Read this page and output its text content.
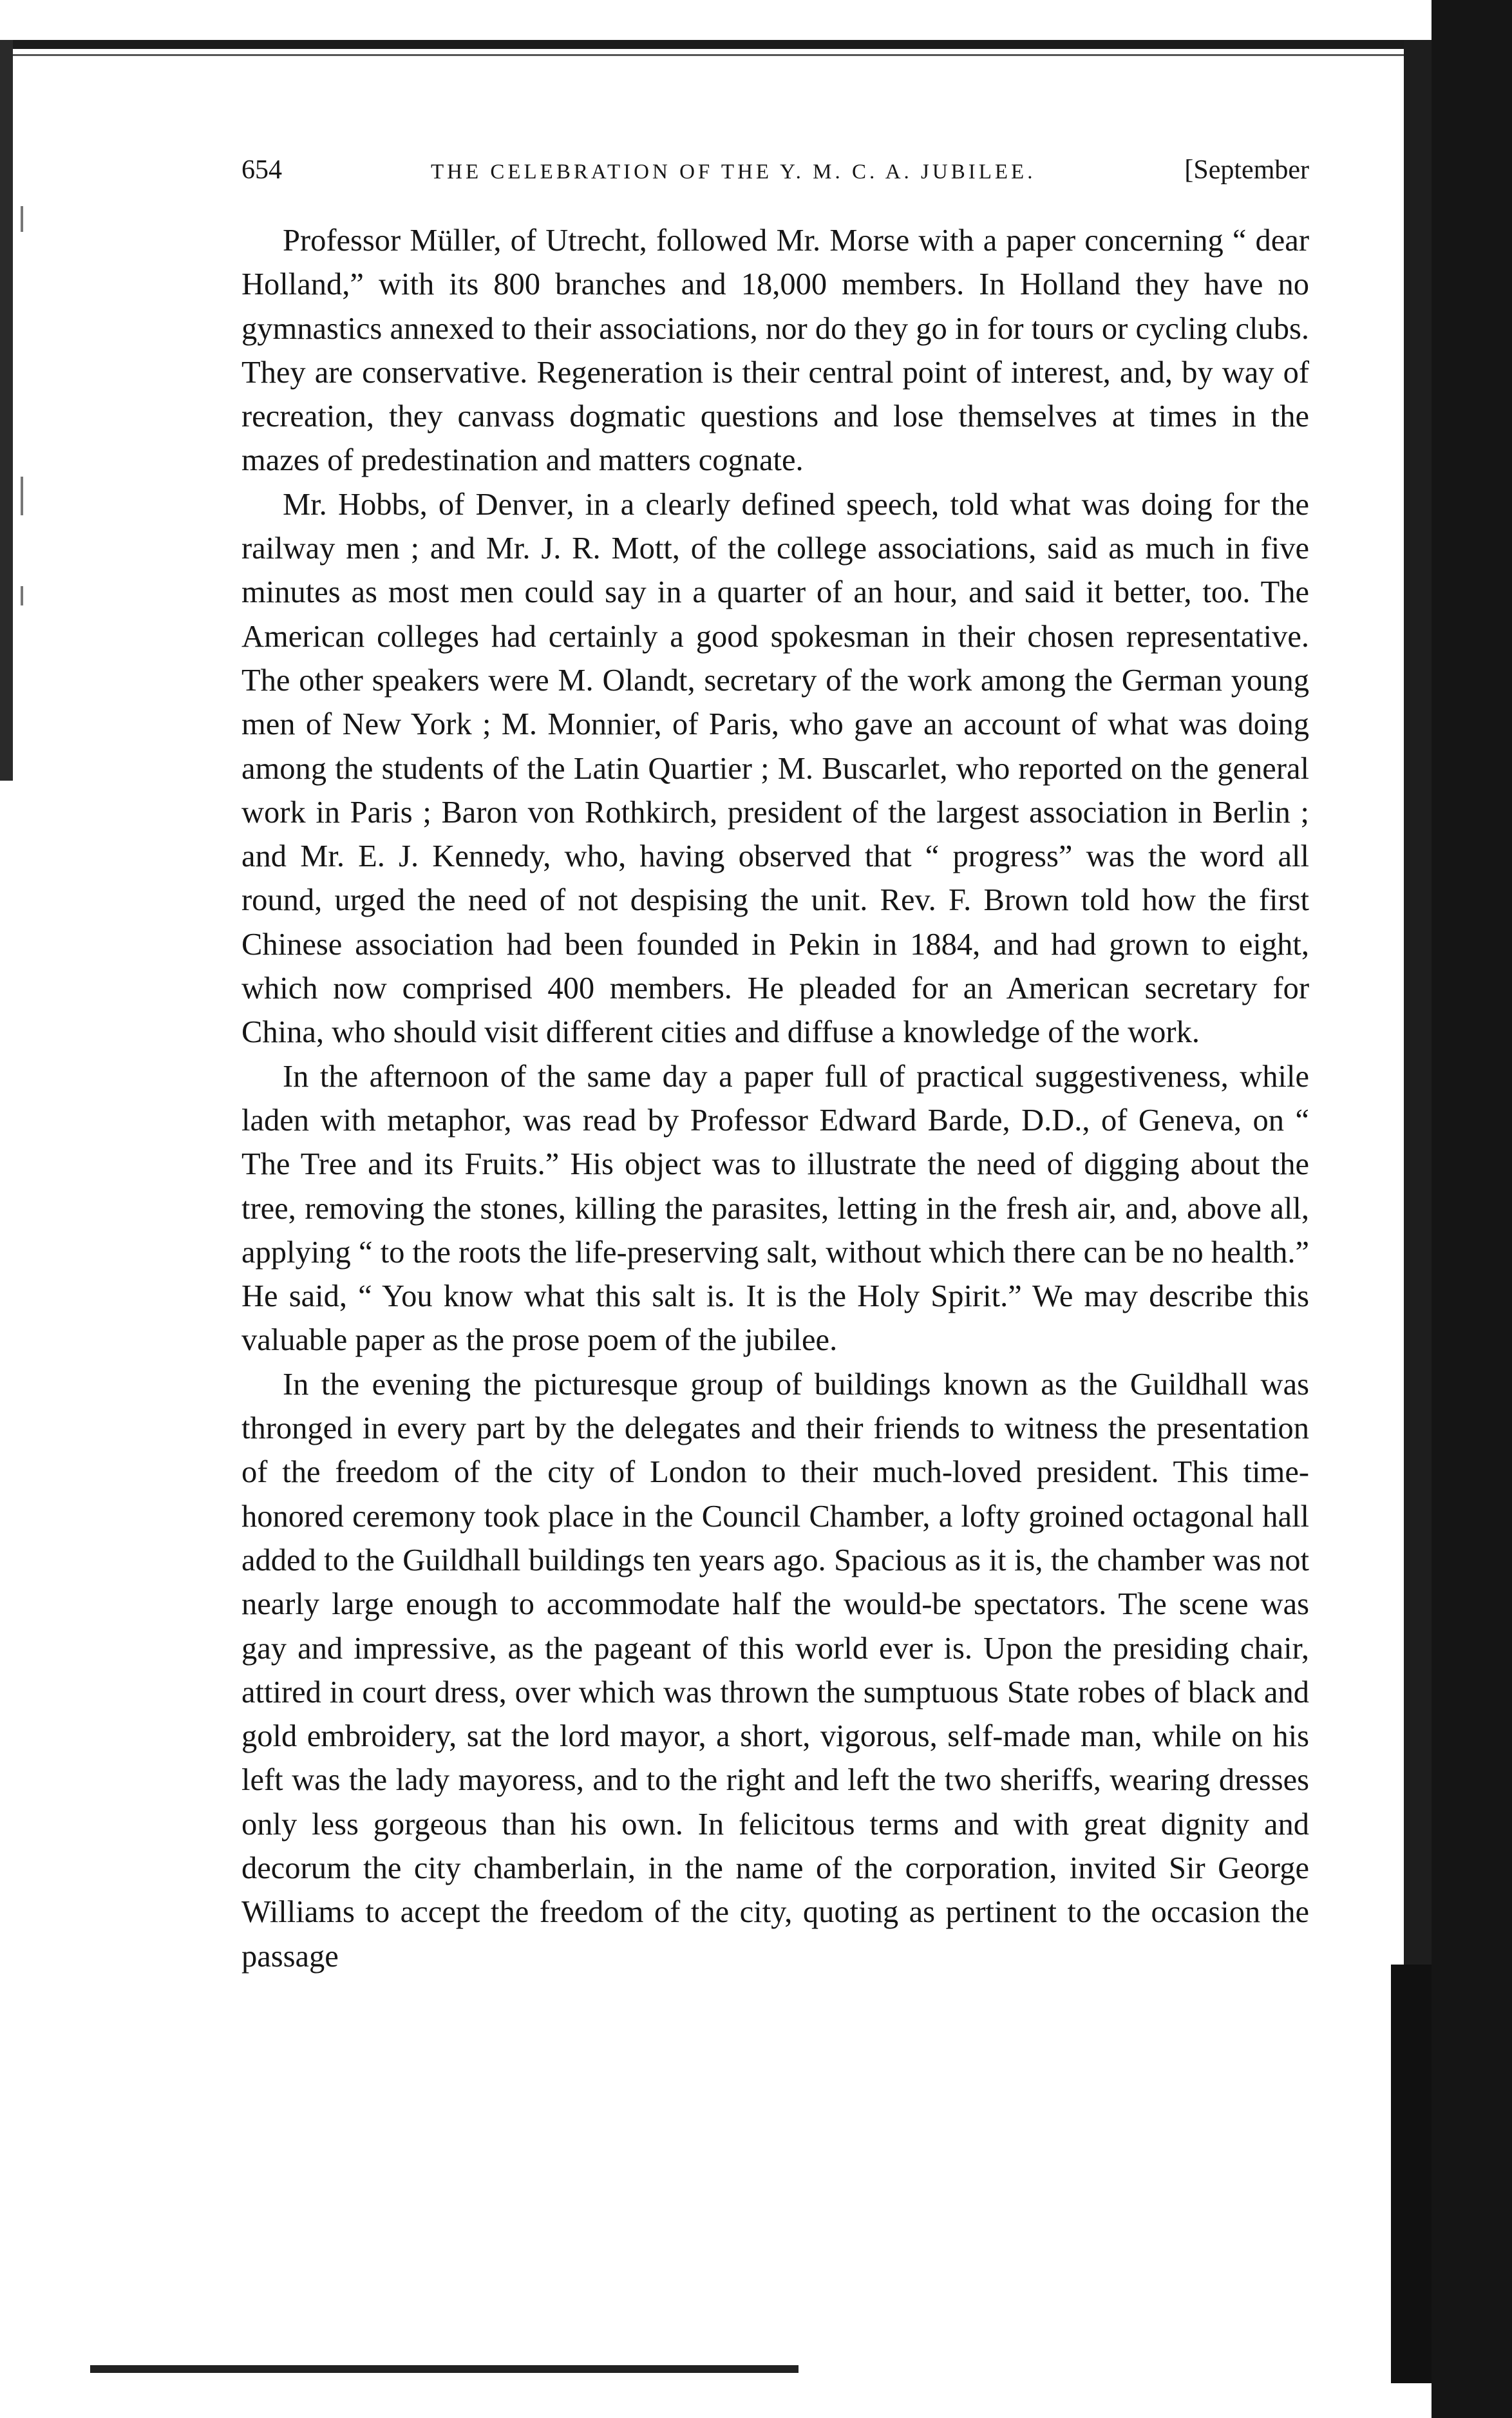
654	THE CELEBRATION OF THE Y. M. C. A. JUBILEE.	[September

Professor Müller, of Utrecht, followed Mr. Morse with a paper concerning “ dear Holland,” with its 800 branches and 18,000 members. In Holland they have no gymnastics annexed to their associations, nor do they go in for tours or cycling clubs. They are conservative. Regeneration is their central point of interest, and, by way of recreation, they canvass dogmatic questions and lose themselves at times in the mazes of predestination and matters cognate.

Mr. Hobbs, of Denver, in a clearly defined speech, told what was doing for the railway men ; and Mr. J. R. Mott, of the college associations, said as much in five minutes as most men could say in a quarter of an hour, and said it better, too. The American colleges had certainly a good spokesman in their chosen representative. The other speakers were M. Olandt, secretary of the work among the German young men of New York ; M. Monnier, of Paris, who gave an account of what was doing among the students of the Latin Quartier ; M. Buscarlet, who reported on the general work in Paris ; Baron von Rothkirch, president of the largest association in Berlin ; and Mr. E. J. Kennedy, who, having observed that “ progress” was the word all round, urged the need of not despising the unit. Rev. F. Brown told how the first Chinese association had been founded in Pekin in 1884, and had grown to eight, which now comprised 400 members. He pleaded for an American secretary for China, who should visit different cities and diffuse a knowledge of the work.

In the afternoon of the same day a paper full of practical suggestiveness, while laden with metaphor, was read by Professor Edward Barde, D.D., of Geneva, on “ The Tree and its Fruits.” His object was to illustrate the need of digging about the tree, removing the stones, killing the parasites, letting in the fresh air, and, above all, applying “ to the roots the life-preserving salt, without which there can be no health.” He said, “ You know what this salt is. It is the Holy Spirit.” We may describe this valuable paper as the prose poem of the jubilee.

In the evening the picturesque group of buildings known as the Guildhall was thronged in every part by the delegates and their friends to witness the presentation of the freedom of the city of London to their much-loved president. This time-honored ceremony took place in the Council Chamber, a lofty groined octagonal hall added to the Guildhall buildings ten years ago. Spacious as it is, the chamber was not nearly large enough to accommodate half the would-be spectators. The scene was gay and impressive, as the pageant of this world ever is. Upon the presiding chair, attired in court dress, over which was thrown the sumptuous State robes of black and gold embroidery, sat the lord mayor, a short, vigorous, self-made man, while on his left was the lady mayoress, and to the right and left the two sheriffs, wearing dresses only less gorgeous than his own. In felicitous terms and with great dignity and decorum the city chamberlain, in the name of the corporation, invited Sir George Williams to accept the freedom of the city, quoting as pertinent to the occasion the passage
